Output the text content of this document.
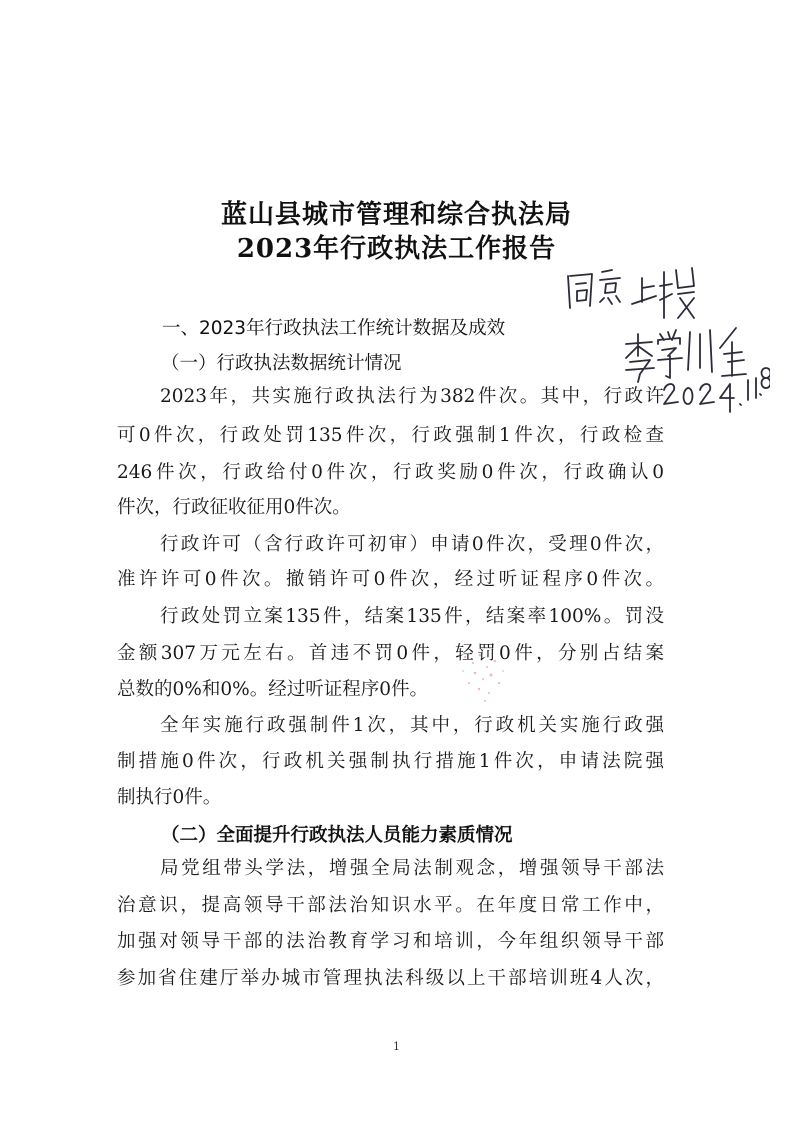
蓝山县城市管理和综合执法局
2023年行政执法工作报告
一、2023年行政执法工作统计数据及成效
（一）行政执法数据统计情况
2023年，共实施行政执法行为382件次。其中，行政许
可0件次，行政处罚135件次，行政强制1件次，行政检查
246件次，行政给付0件次，行政奖励0件次，行政确认0
件次，行政征收征用0件次。
行政许可（含行政许可初审）申请0件次，受理0件次，
准许许可0件次。撤销许可0件次，经过听证程序0件次。
行政处罚立案135件，结案135件，结案率100%。罚没
金额307万元左右。首违不罚0件，轻罚0件，分别占结案
总数的0%和0%。经过听证程序0件。
全年实施行政强制件1次，其中，行政机关实施行政强
制措施0件次，行政机关强制执行措施1件次，申请法院强
制执行0件。
（二）全面提升行政执法人员能力素质情况
局党组带头学法，增强全局法制观念，增强领导干部法
治意识，提高领导干部法治知识水平。在年度日常工作中，
加强对领导干部的法治教育学习和培训，今年组织领导干部
参加省住建厅举办城市管理执法科级以上干部培训班4人次，
1
